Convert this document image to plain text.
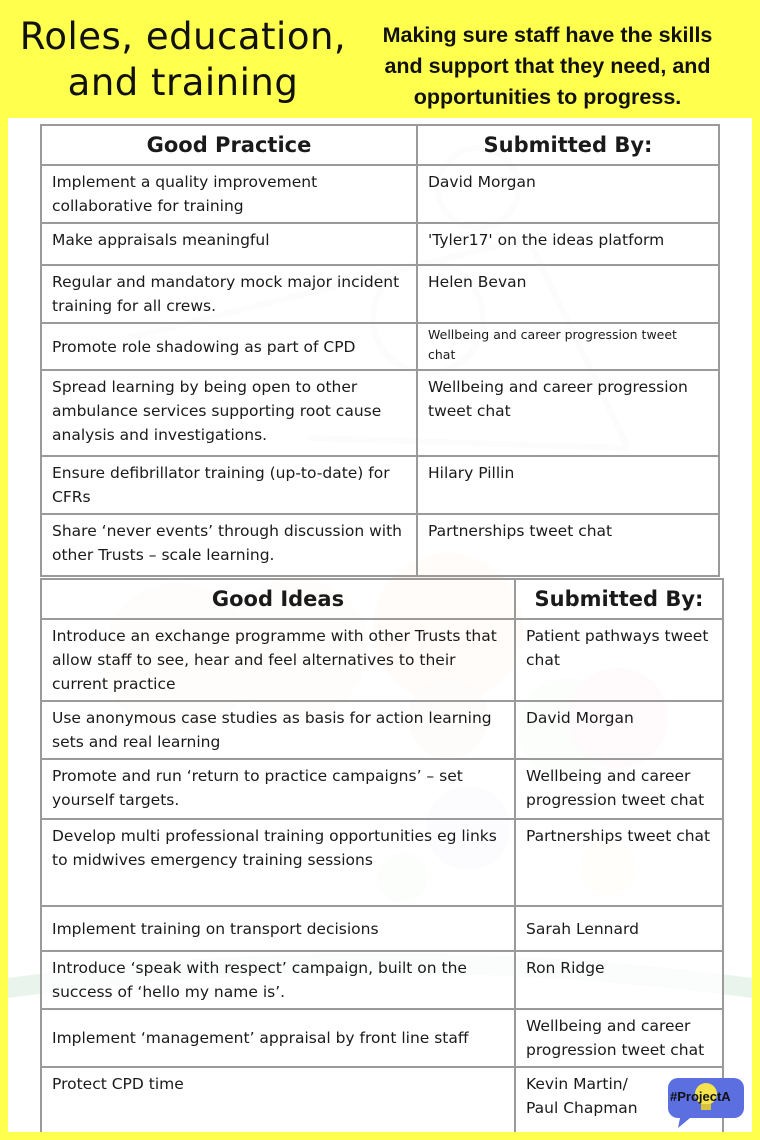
Roles, education,
and training
Making sure staff have the skills
and support that they need, and
opportunities to progress.
Good Practice	Submitted By:
Implement a quality improvement collaborative for training	David Morgan
Make appraisals meaningful	'Tyler17' on the ideas platform
Regular and mandatory mock major incident training for all crews.	Helen Bevan
Promote role shadowing as part of CPD	Wellbeing and career progression tweet chat
Spread learning by being open to other ambulance services supporting root cause analysis and investigations.	Wellbeing and career progression tweet chat
Ensure defibrillator training (up-to-date) for CFRs	Hilary Pillin
Share ‘never events’ through discussion with other Trusts – scale learning.	Partnerships tweet chat
Good Ideas	Submitted By:
Introduce an exchange programme with other Trusts that allow staff to see, hear and feel alternatives to their current practice	Patient pathways tweet chat
Use anonymous case studies as basis for action learning sets and real learning	David Morgan
Promote and run ‘return to practice campaigns’ – set yourself targets.	Wellbeing and career progression tweet chat
Develop multi professional training opportunities eg links to midwives emergency training sessions	Partnerships tweet chat
Implement training on transport decisions	Sarah Lennard
Introduce ‘speak with respect’ campaign, built on the success of ‘hello my name is’.	Ron Ridge
Implement ‘management’ appraisal by front line staff	Wellbeing and career progression tweet chat
Protect CPD time	Kevin Martin/
Paul Chapman
#ProjectA
